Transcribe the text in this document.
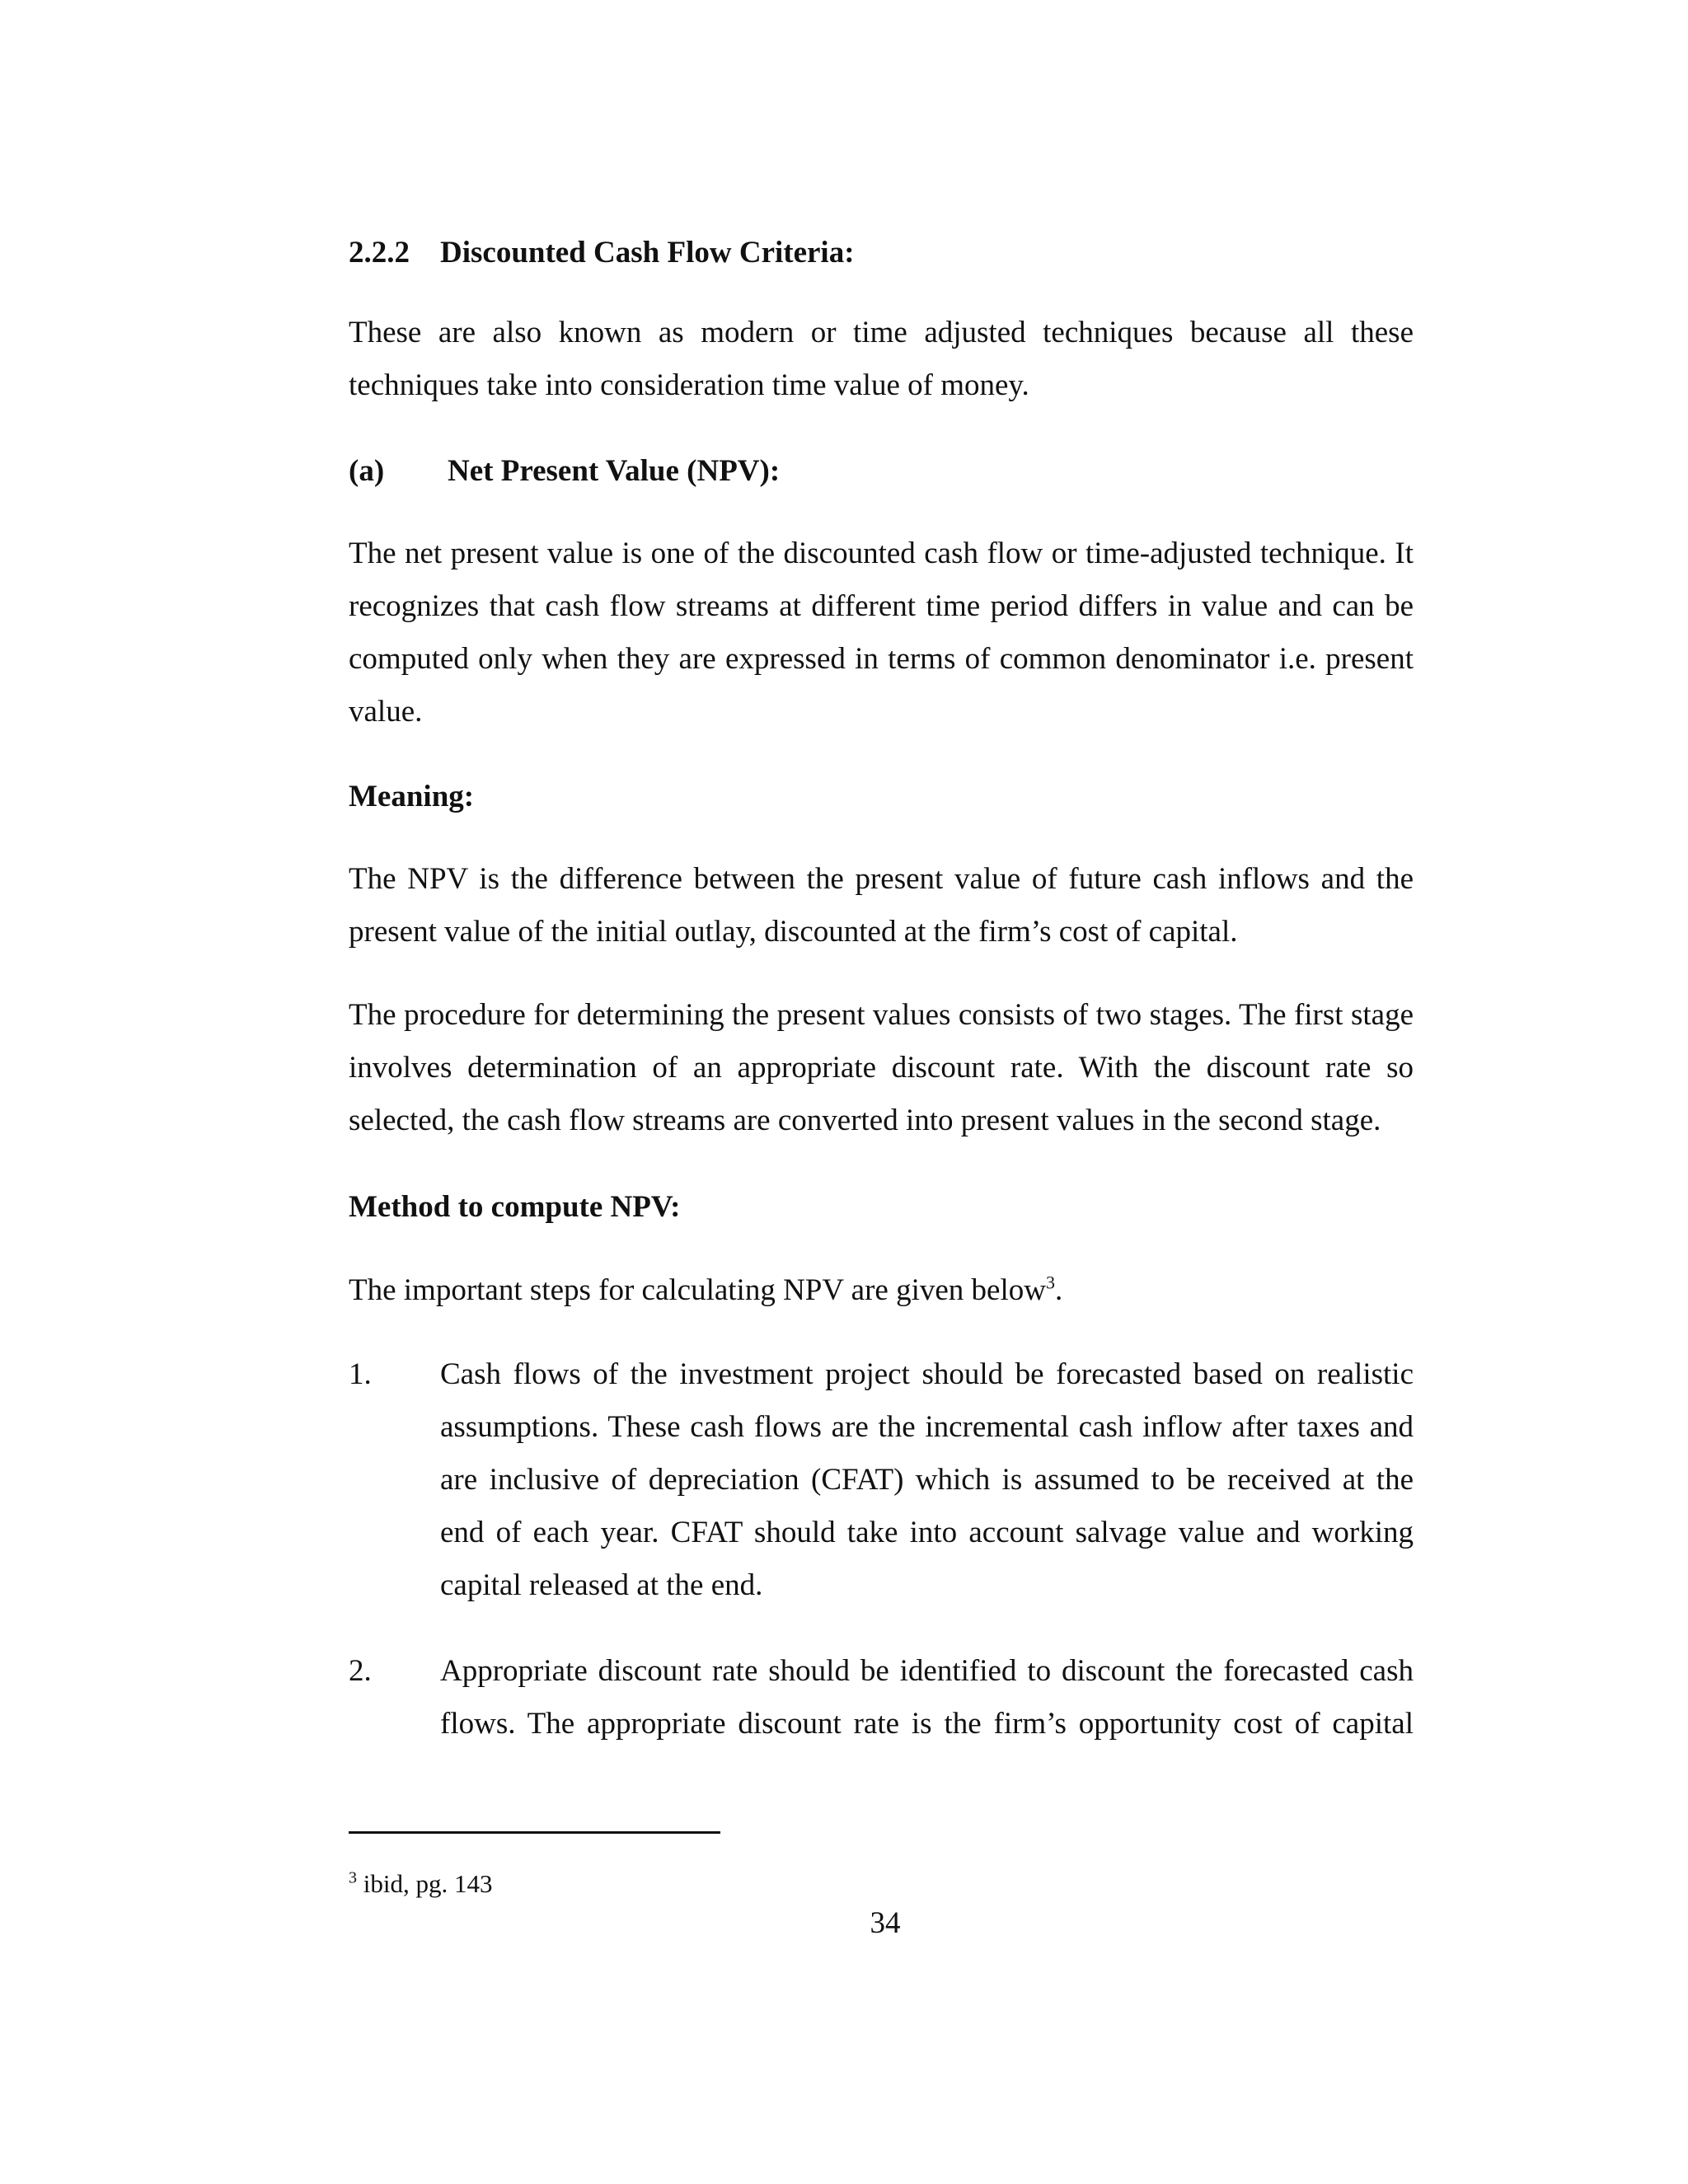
2.2.2 Discounted Cash Flow Criteria:
These are also known as modern or time adjusted techniques because all these techniques take into consideration time value of money.
(a) Net Present Value (NPV):
The net present value is one of the discounted cash flow or time-adjusted technique. It recognizes that cash flow streams at different time period differs in value and can be computed only when they are expressed in terms of common denominator i.e. present value.
Meaning:
The NPV is the difference between the present value of future cash inflows and the present value of the initial outlay, discounted at the firm’s cost of capital.
The procedure for determining the present values consists of two stages. The first stage involves determination of an appropriate discount rate. With the discount rate so selected, the cash flow streams are converted into present values in the second stage.
Method to compute NPV:
The important steps for calculating NPV are given below$^3$.
1.	Cash flows of the investment project should be forecasted based on realistic assumptions. These cash flows are the incremental cash inflow after taxes and are inclusive of depreciation (CFAT) which is assumed to be received at the end of each year. CFAT should take into account salvage value and working capital released at the end.
2.	Appropriate discount rate should be identified to discount the forecasted cash flows. The appropriate discount rate is the firm’s opportunity cost of capital
$^3$ ibid, pg. 143
34
